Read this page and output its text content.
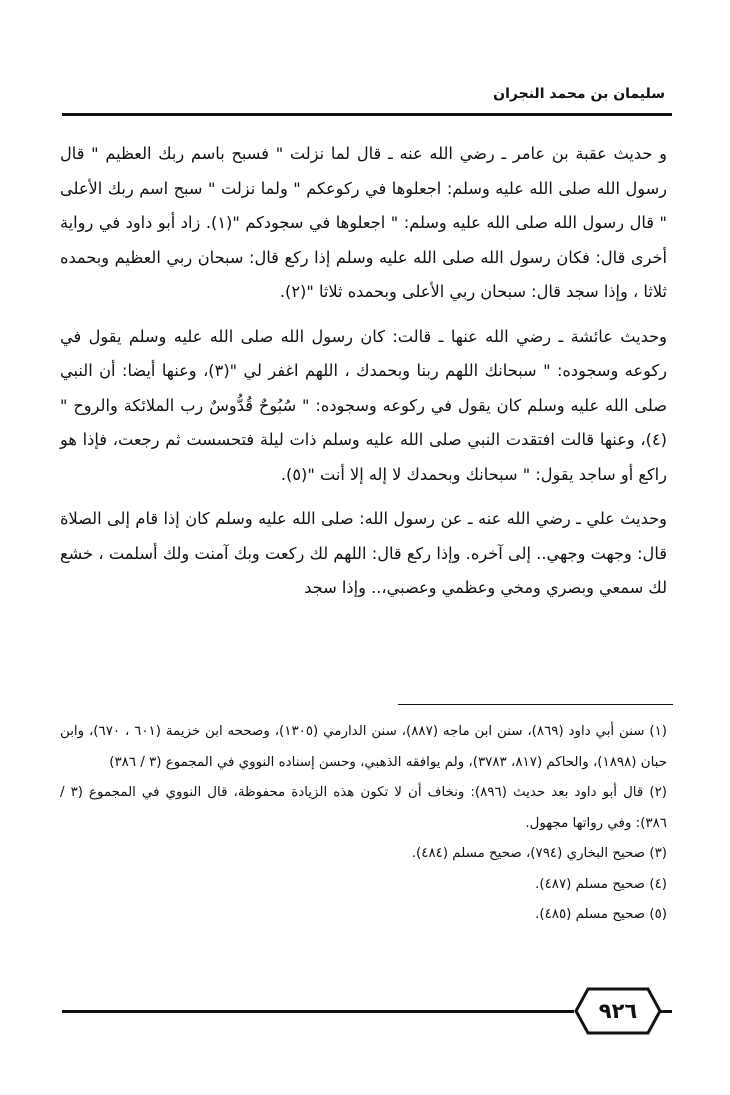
سليمان بن محمد النجران

و حديث عقبة بن عامر ـ رضي الله عنه ـ قال لما نزلت " فسبح باسم ربك العظيم " قال رسول الله صلى الله عليه وسلم: اجعلوها في ركوعكم " ولما نزلت " سبح اسم ربك الأعلى " قال رسول الله صلى الله عليه وسلم: " اجعلوها في سجودكم "(١). زاد أبو داود في رواية أخرى قال: فكان رسول الله صلى الله عليه وسلم إذا ركع قال: سبحان ربي العظيم وبحمده ثلاثا ، وإذا سجد قال: سبحان ربي الأعلى وبحمده ثلاثا "(٢).

وحديث عائشة ـ رضي الله عنها ـ قالت: كان رسول الله صلى الله عليه وسلم يقول في ركوعه وسجوده: " سبحانك اللهم ربنا وبحمدك ، اللهم اغفر لي "(٣)، وعنها أيضا: أن النبي صلى الله عليه وسلم كان يقول في ركوعه وسجوده: " سُبُوحٌ قُدُّوسٌ رب الملائكة والروح "(٤)، وعنها قالت افتقدت النبي صلى الله عليه وسلم ذات ليلة فتحسست ثم رجعت، فإذا هو راكع أو ساجد يقول: " سبحانك وبحمدك لا إله إلا أنت "(٥).

وحديث علي ـ رضي الله عنه ـ عن رسول الله: صلى الله عليه وسلم كان إذا قام إلى الصلاة قال: وجهت وجهي.. إلى آخره. وإذا ركع قال: اللهم لك ركعت وبك آمنت ولك أسلمت ، خشع لك سمعي وبصري ومخي وعظمي وعصبي،.. وإذا سجد

(١) سنن أبي داود (٨٦٩)، سنن ابن ماجه (٨٨٧)، سنن الدارمي (١٣٠٥)، وصححه ابن خزيمة (٦٠١ ، ٦٧٠)، وابن حبان (١٨٩٨)، والحاكم (٨١٧، ٣٧٨٣)، ولم يوافقه الذهبي، وحسن إسناده النووي في المجموع (٣ / ٣٨٦)

(٢) قال أبو داود بعد حديث (٨٩٦): ونخاف أن لا تكون هذه الزيادة محفوظة، قال النووي في المجموع (٣ / ٣٨٦): وفي رواتها مجهول.

(٣) صحيح البخاري (٧٩٤)، صحيح مسلم (٤٨٤).

(٤) صحيح مسلم (٤٨٧).

(٥) صحيح مسلم (٤٨٥).

٩٢٦
